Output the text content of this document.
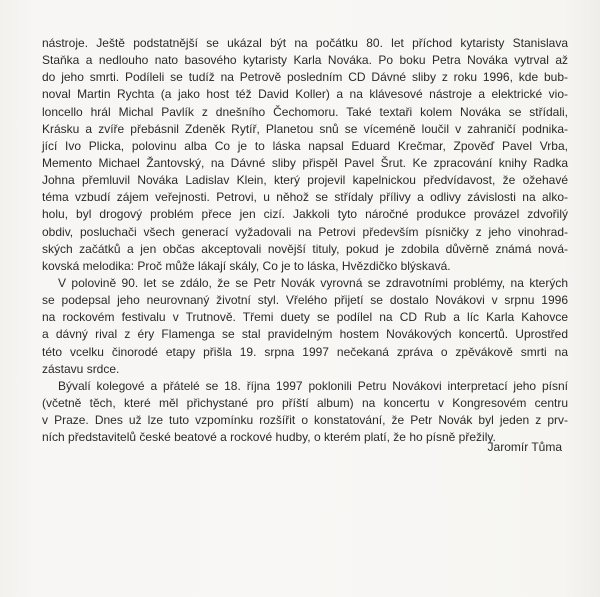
nástroje. Ještě podstatnější se ukázal být na počátku 80. let příchod kytaristy Stanislava
Staňka a nedlouho nato basového kytaristy Karla Nováka. Po boku Petra Nováka vytrval až
do jeho smrti. Podíleli se tudíž na Petrově posledním CD Dávné sliby z roku 1996, kde bub-
noval Martin Rychta (a jako host též David Koller) a na klávesové nástroje a elektrické vio-
loncello hrál Michal Pavlík z dnešního Čechomoru. Také textaři kolem Nováka se střídali,
Krásku a zvíře přebásnil Zdeněk Rytíř, Planetou snů se víceméně loučil v zahraničí podnika-
jící Ivo Plicka, polovinu alba Co je to láska napsal Eduard Krečmar, Zpověď Pavel Vrba,
Memento Michael Žantovský, na Dávné sliby přispěl Pavel Šrut. Ke zpracování knihy Radka
Johna přemluvil Nováka Ladislav Klein, který projevil kapelnickou předvídavost, že ožehavé
téma vzbudí zájem veřejnosti. Petrovi, u něhož se střídaly přílivy a odlivy závislosti na alko-
holu, byl drogový problém přece jen cizí. Jakkoli tyto náročné produkce provázel zdvořilý
obdiv, posluchači všech generací vyžadovali na Petrovi především písničky z jeho vinohrad-
ských začátků a jen občas akceptovali novější tituly, pokud je zdobila důvěrně známá nová-
kovská melodika: Proč může lákají skály, Co je to láska, Hvězdičko blýskavá.
V polovině 90. let se zdálo, že se Petr Novák vyrovná se zdravotními problémy, na kterých
se podepsal jeho neurovnaný životní styl. Vřelého přijetí se dostalo Novákovi v srpnu 1996
na rockovém festivalu v Trutnově. Třemi duety se podílel na CD Rub a líc Karla Kahovce
a dávný rival z éry Flamenga se stal pravidelným hostem Novákových koncertů. Uprostřed
této vcelku činorodé etapy přišla 19. srpna 1997 nečekaná zpráva o zpěvákově smrti na
zástavu srdce.
Bývalí kolegové a přátelé se 18. října 1997 poklonili Petru Novákovi interpretací jeho písní
(včetně těch, které měl přichystané pro příští album) na koncertu v Kongresovém centru
v Praze. Dnes už lze tuto vzpomínku rozšířit o konstatování, že Petr Novák byl jeden z prv-
ních představitelů české beatové a rockové hudby, o kterém platí, že ho písně přežily.
Jaromír Tůma
